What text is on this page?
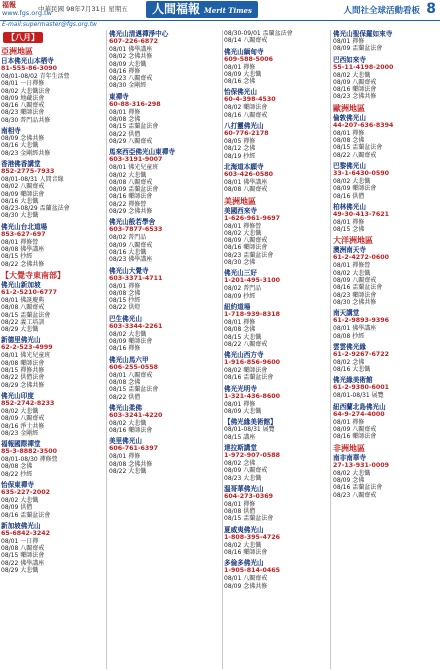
福報
www.fgs.org.tw
中華民國 98年7月31日 星期五	人間福報 Merit Times	人間社全球活動看板 8
E-mail:supermaster@fgs.org.tw
【八月】
亞洲地區
日本佛光山本栖寺
81-555-86-3090
08/01-08/02 青年生活營
08/01 一日禪修
08/02 大悲懺法會
08/09 地藏法會
08/16 八關齋戒
08/23 藥師法會
08/30 普門品共修
南相寺
08/09 念佛共修
08/16 大悲懺
08/23 金剛經共修
香港佛香講堂
852-2775-7933
08/01-08/31 人間音緣
08/02 八關齋戒
08/09 藥師法會
08/16 大悲懺
08/23-08/29 盂蘭盆法會
08/30 大悲懺
佛光山台北道場
853-627-697
08/01 禪修營
08/08 佛學講座
08/15 抄經
08/22 念佛共修
【大覺寺東南部】
佛光山新加坡
61-2-5210-6777
08/01 佛誕慶典
08/08 八關齋戒
08/15 盂蘭盆法會
08/22 義工培訓
08/29 大悲懺
新德里佛光山
62-2-523-4999
08/01 佛光兒童班
08/08 藥師法會
08/15 禪修共修
08/22 供僧法會
08/29 念佛共修
佛光山印度
852-2742-8233
08/02 大悲懺
08/09 八關齋戒
08/16 淨土共修
08/23 金剛經
福報國際禪堂
85-3-8882-3500
08/01-08/30 禪修營
08/08 念佛
08/22 抄經
怡保東禪寺
635-227-2002
08/02 大悲懺
08/09 供僧
08/16 盂蘭盆法會
新加坡佛光山
65-6842-3242
08/01 一日禪
08/08 八關齋戒
08/15 藥師法會
08/22 佛學講座
08/29 大悲懺
佛光山清邁禪淨中心
607-226-6872
08/01 佛學講座
08/02 念佛共修
08/09 大悲懺
08/16 禪修
08/23 八關齋戒
08/30 金剛經
東禪寺
60-88-316-298
08/01 禪修
08/08 念佛
08/15 盂蘭盆法會
08/22 供僧
08/29 八關齋戒
馬來西亞佛光山東禪寺
603-3191-9007
08/01 佛光兒童班
08/02 大悲懺
08/08 八關齋戒
08/09 盂蘭盆法會
08/16 藥師法會
08/22 禪修營
08/29 念佛共修
佛光山般若學舍
603-7877-6533
08/02 普門品
08/09 八關齋戒
08/16 大悲懺
08/23 佛學講座
佛光山大覺寺
603-3371-4711
08/01 禪修
08/08 念佛
08/15 抄經
08/22 供燈
巴生佛光山
603-3344-2261
08/02 大悲懺
08/09 藥師法會
08/16 禪修
佛光山馬六甲
606-255-0558
08/01 八關齋戒
08/08 念佛
08/15 盂蘭盆法會
08/22 供僧
佛光山柔佛
603-3241-4220
08/02 大悲懺
08/16 藥師法會
美里佛光山
606-761-6397
08/01 禪修
08/08 念佛共修
08/22 大悲懺
08/30-09/01 盂蘭盆法會
08/14 八關齋戒
佛光山緬甸寺
609-588-5006
08/01 禪修
08/09 大悲懺
08/16 念佛
怡保佛光山
60-4-398-4530
08/02 藥師法會
08/16 八關齋戒
八打靈佛光山
60-776-2178
08/05 禪修
08/12 念佛
08/19 抄經
北海道本願寺
603-426-0580
08/01 佛學講座
08/08 八關齋戒
美洲地區
美國西來寺
1-626-961-9697
08/01 禪修營
08/02 大悲懺
08/09 八關齋戒
08/16 藥師法會
08/23 盂蘭盆法會
08/30 念佛
佛光山三好
1-201-495-3100
08/02 普門品
08/09 抄經
紐約道場
1-718-939-8318
08/01 禪修
08/08 念佛
08/15 大悲懺
08/22 八關齋戒
佛光山西方寺
1-916-856-9600
08/02 藥師法會
08/16 盂蘭盆法會
佛光光明寺
1-321-436-8600
08/01 禪修
08/09 大悲懺
【佛光緣美術館】
08/01-08/31 展覽
08/15 講座
達拉斯講堂
1-972-907-0588
08/02 念佛
08/09 八關齋戒
08/23 大悲懺
溫哥華佛光山
604-273-0369
08/01 禪修
08/08 供僧
08/15 盂蘭盆法會
夏威夷佛光山
1-808-395-4726
08/02 大悲懺
08/16 藥師法會
多倫多佛光山
1-905-814-0465
08/01 八關齋戒
08/09 念佛共修
佛光山聖保羅如來寺
08/01 禪修
08/09 盂蘭盆法會
巴西如來寺
55-11-4198-2000
08/02 大悲懺
08/09 八關齋戒
08/16 藥師法會
08/23 念佛共修
歐洲地區
倫敦佛光山
44-207-636-8394
08/01 禪修
08/08 念佛
08/15 盂蘭盆法會
08/22 八關齋戒
巴黎佛光山
33-1-6430-0590
08/02 大悲懺
08/09 藥師法會
08/16 供僧
柏林佛光山
49-30-413-7621
08/01 禪修
08/15 念佛
大洋洲地區
澳洲南天寺
61-2-4272-0600
08/01 禪修營
08/02 大悲懺
08/09 八關齋戒
08/16 盂蘭盆法會
08/23 藥師法會
08/30 念佛共修
南天講堂
61-2-9893-9396
08/01 佛學講座
08/08 抄經
雲雲佛光緣
61-2-9267-6722
08/02 念佛
08/16 大悲懺
佛光緣美術館
61-2-9380-6001
08/01-08/31 展覽
紐西蘭北島佛光山
64-9-274-4000
08/01 禪修
08/09 八關齋戒
08/16 藥師法會
非洲地區
南非南華寺
27-13-931-0009
08/02 大悲懺
08/09 念佛
08/16 盂蘭盆法會
08/23 八關齋戒
